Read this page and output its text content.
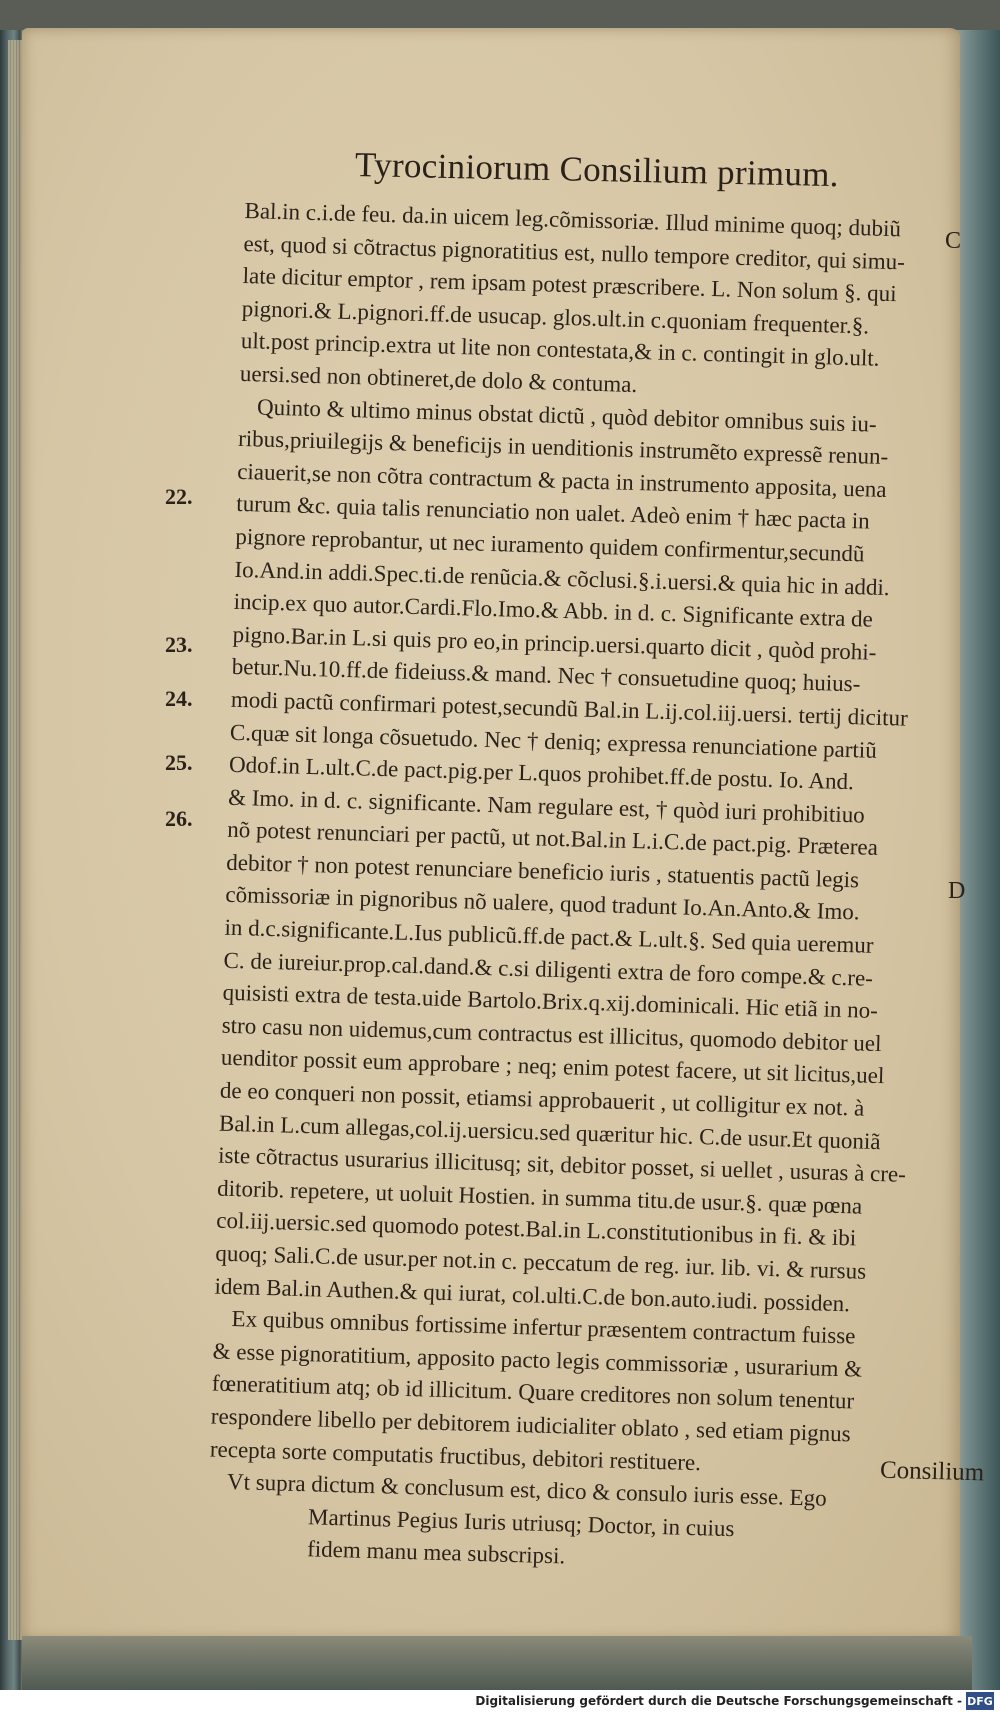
Tyrociniorum Consilium primum.
Bal.in c.i.de feu. da.in uicem leg.cõmissoriæ. Illud minime quoq; dubiũ
est, quod si cõtractus pignoratitius est, nullo tempore creditor, qui simu-
late dicitur emptor , rem ipsam potest præscribere. L. Non solum §. qui
pignori.& L.pignori.ff.de usucap. glos.ult.in c.quoniam frequenter.§.
ult.post princip.extra ut lite non contestata,& in c. contingit in glo.ult.
uersi.sed non obtineret,de dolo & contuma.
Quinto & ultimo minus obstat dictũ , quòd debitor omnibus suis iu-
ribus,priuilegijs & beneficijs in uenditionis instrumẽto expressẽ renun-
ciauerit,se non cõtra contractum & pacta in instrumento apposita, uena
turum &c. quia talis renunciatio non ualet. Adeò enim † hæc pacta in
pignore reprobantur, ut nec iuramento quidem confirmentur,secundũ
Io.And.in addi.Spec.ti.de renũcia.& cõclusi.§.i.uersi.& quia hic in addi.
incip.ex quo autor.Cardi.Flo.Imo.& Abb. in d. c. Significante extra de
pigno.Bar.in L.si quis pro eo,in princip.uersi.quarto dicit , quòd prohi-
betur.Nu.10.ff.de fideiuss.& mand. Nec † consuetudine quoq; huius-
modi pactũ confirmari potest,secundũ Bal.in L.ij.col.iij.uersi. tertij dicitur
C.quæ sit longa cõsuetudo. Nec † deniq; expressa renunciatione partiũ
Odof.in L.ult.C.de pact.pig.per L.quos prohibet.ff.de postu. Io. And.
& Imo. in d. c. significante. Nam regulare est, † quòd iuri prohibitiuo
nõ potest renunciari per pactũ, ut not.Bal.in L.i.C.de pact.pig. Præterea
debitor † non potest renunciare beneficio iuris , statuentis pactũ legis
cõmissoriæ in pignoribus nõ ualere, quod tradunt Io.An.Anto.& Imo.
in d.c.significante.L.Ius publicũ.ff.de pact.& L.ult.§. Sed quia ueremur
C. de iureiur.prop.cal.dand.& c.si diligenti extra de foro compe.& c.re-
quisisti extra de testa.uide Bartolo.Brix.q.xij.dominicali. Hic etiã in no-
stro casu non uidemus,cum contractus est illicitus, quomodo debitor uel
uenditor possit eum approbare ; neq; enim potest facere, ut sit licitus,uel
de eo conqueri non possit, etiamsi approbauerit , ut colligitur ex not. à
Bal.in L.cum allegas,col.ij.uersicu.sed quæritur hic. C.de usur.Et quoniã
iste cõtractus usurarius illicitusq; sit, debitor posset, si uellet , usuras à cre-
ditorib. repetere, ut uoluit Hostien. in summa titu.de usur.§. quæ pœna
col.iij.uersic.sed quomodo potest.Bal.in L.constitutionibus in fi. & ibi
quoq; Sali.C.de usur.per not.in c. peccatum de reg. iur. lib. vi. & rursus
idem Bal.in Authen.& qui iurat, col.ulti.C.de bon.auto.iudi. possiden.
Ex quibus omnibus fortissime infertur præsentem contractum fuisse
& esse pignoratitium, apposito pacto legis commissoriæ , usurarium &
fœneratitium atq; ob id illicitum. Quare creditores non solum tenentur
respondere libello per debitorem iudicialiter oblato , sed etiam pignus
recepta sorte computatis fructibus, debitori restituere.
Vt supra dictum & conclusum est, dico & consulo iuris esse. Ego
Martinus Pegius Iuris utriusq; Doctor, in cuius
fidem manu mea subscripsi.
22.
23.
24.
25.
26.
C
D
Consilium
Digitalisierung gefördert durch die Deutsche Forschungsgemeinschaft - DFG
